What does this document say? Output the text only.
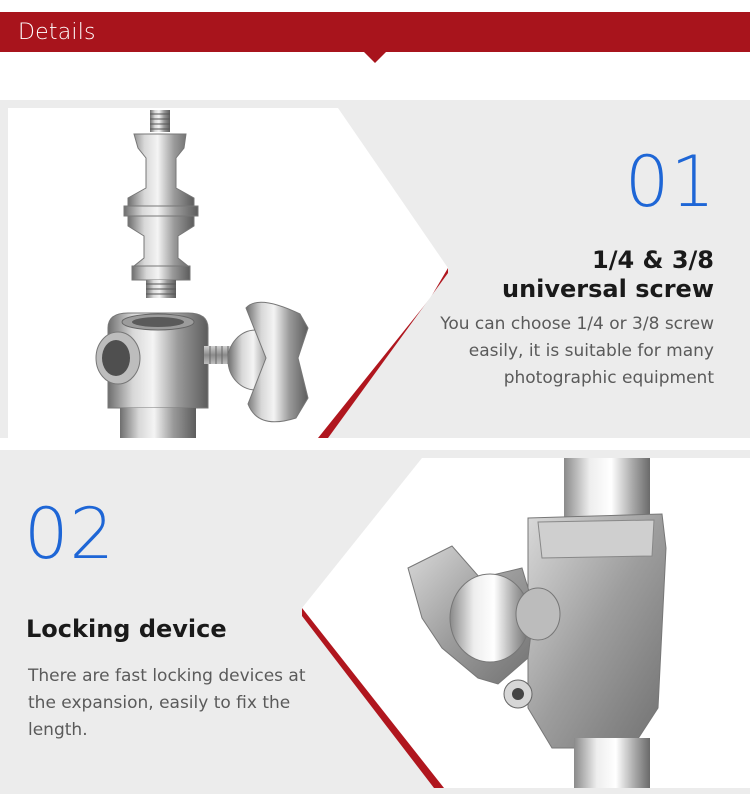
Details
01
1/4 & 3/8
universal screw
You can choose 1/4 or 3/8 screw
easily, it is suitable for many
photographic equipment
02
Locking device
There are fast locking devices at
the expansion, easily to fix the
length.
